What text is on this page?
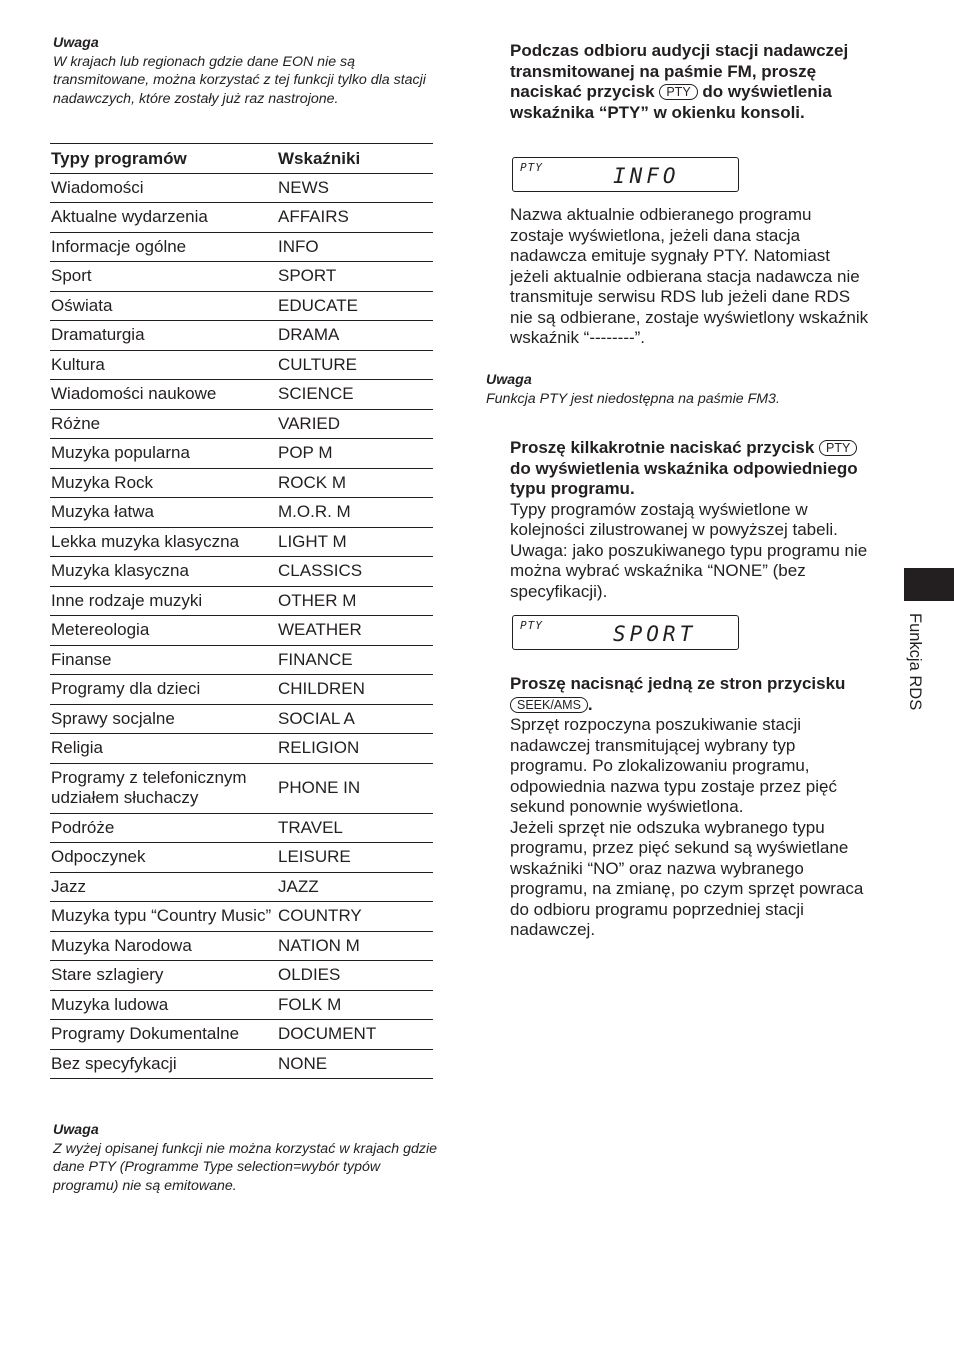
Uwaga
W krajach lub regionach gdzie dane EON nie są transmitowane, można korzystać z tej funkcji tylko dla stacji nadawczych, które zostały już raz nastrojone.
Typy programów	Wskaźniki
Wiadomości	NEWS
Aktualne wydarzenia	AFFAIRS
Informacje ogólne	INFO
Sport	SPORT
Oświata	EDUCATE
Dramaturgia	DRAMA
Kultura	CULTURE
Wiadomości naukowe	SCIENCE
Różne	VARIED
Muzyka popularna	POP M
Muzyka Rock	ROCK M
Muzyka łatwa	M.O.R. M
Lekka muzyka klasyczna	LIGHT M
Muzyka klasyczna	CLASSICS
Inne rodzaje muzyki	OTHER M
Metereologia	WEATHER
Finanse	FINANCE
Programy dla dzieci	CHILDREN
Sprawy socjalne	SOCIAL A
Religia	RELIGION
Programy z telefonicznym udziałem słuchaczy	PHONE IN
Podróże	TRAVEL
Odpoczynek	LEISURE
Jazz	JAZZ
Muzyka typu “Country Music”	COUNTRY
Muzyka Narodowa	NATION M
Stare szlagiery	OLDIES
Muzyka ludowa	FOLK M
Programy Dokumentalne	DOCUMENT
Bez specyfykacji	NONE
Uwaga
Z wyżej opisanej funkcji nie można korzystać w krajach gdzie dane PTY (Programme Type selection=wybór typów programu) nie są emitowane.
Podczas odbioru audycji stacji nadawczej transmitowanej na paśmie FM, proszę naciskać przycisk PTY do wyświetlenia wskaźnika “PTY” w okienku konsoli.
PTY	INFO
Nazwa aktualnie odbieranego programu zostaje wyświetlona, jeżeli dana stacja nadawcza emituje sygnały PTY. Natomiast jeżeli aktualnie odbierana stacja nadawcza nie transmituje serwisu RDS lub jeżeli dane RDS nie są odbierane, zostaje wyświetlony wskaźnik wskaźnik “--------”.
Uwaga
Funkcja PTY jest niedostępna na paśmie FM3.
Proszę kilkakrotnie naciskać przycisk PTY do wyświetlenia wskaźnika odpowiedniego typu programu.
Typy programów zostają wyświetlone w kolejności zilustrowanej w powyższej tabeli. Uwaga: jako poszukiwanego typu programu nie można wybrać wskaźnika “NONE” (bez specyfikacji).
PTY	SPORT
Proszę nacisnąć jedną ze stron przycisku SEEK/AMS .
Sprzęt rozpoczyna poszukiwanie stacji nadawczej transmitującej wybrany typ programu. Po zlokalizowaniu programu, odpowiednia nazwa typu zostaje przez pięć sekund ponownie wyświetlona.
Jeżeli sprzęt nie odszuka wybranego typu programu, przez pięć sekund są wyświetlane wskaźniki “NO” oraz nazwa wybranego programu, na zmianę, po czym sprzęt powraca do odbioru programu poprzedniej stacji nadawczej.
Funkcja RDS
